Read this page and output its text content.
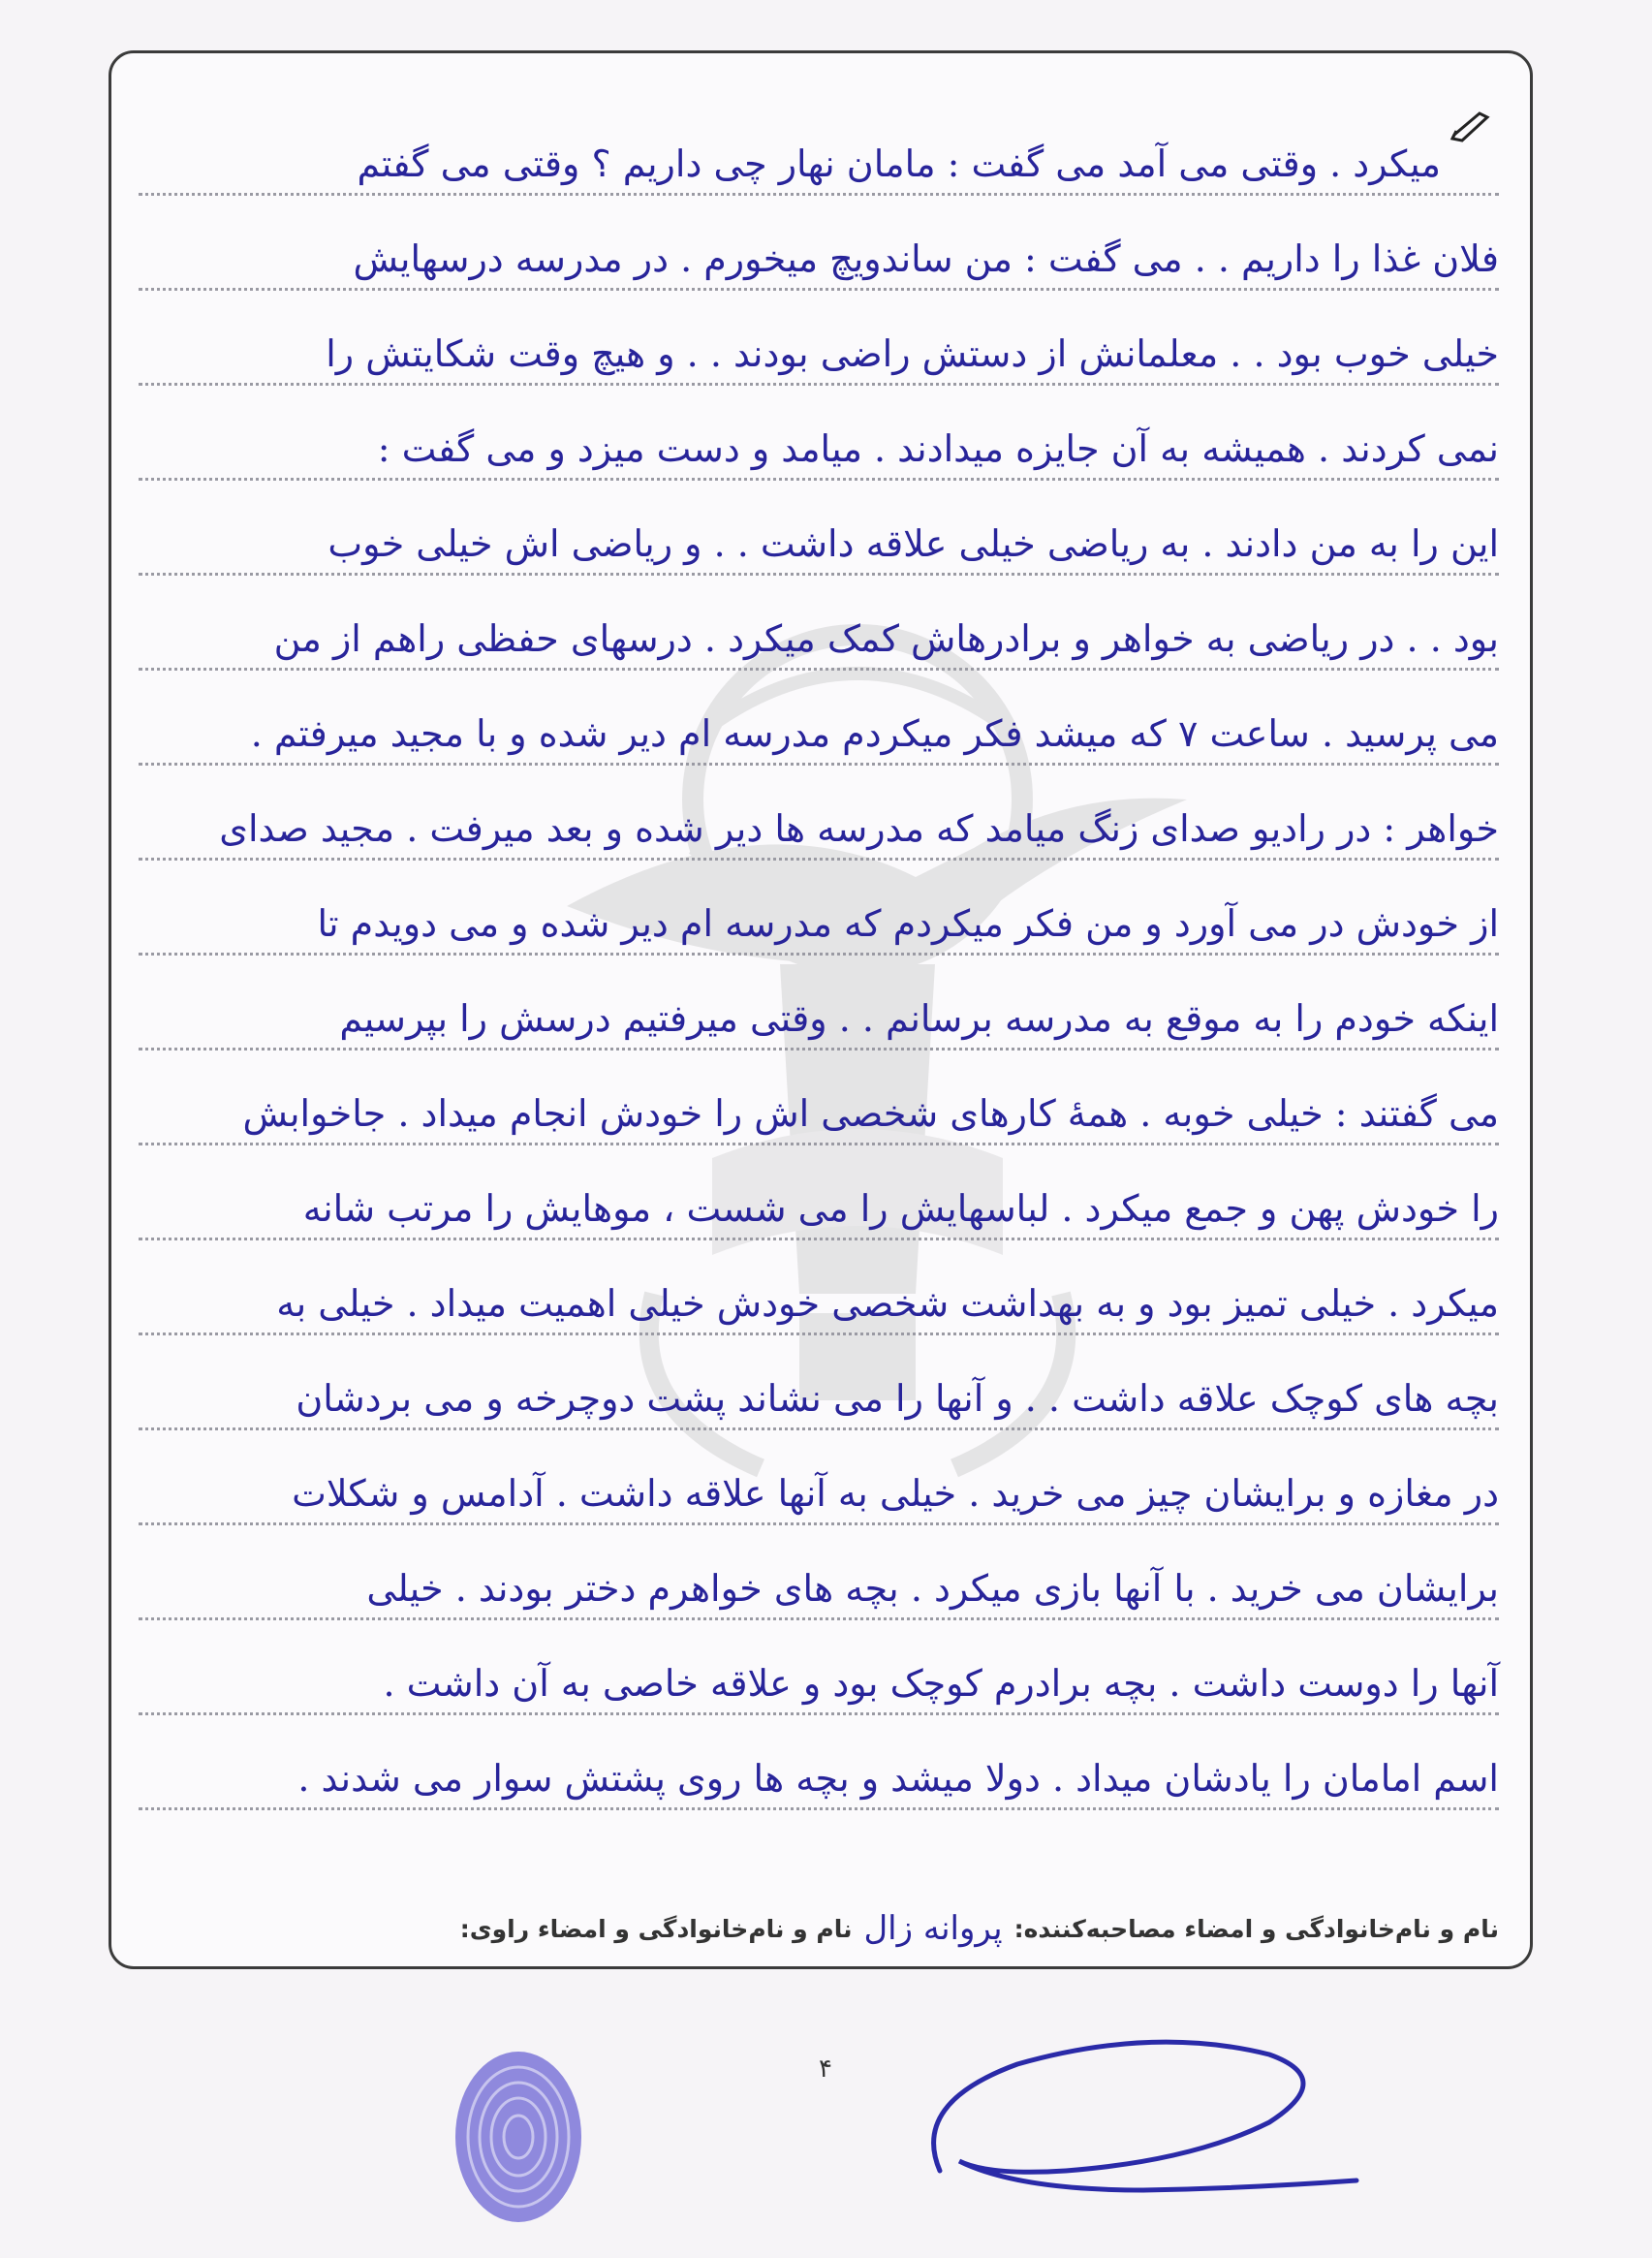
میکرد . وقتی می آمد می گفت : مامان نهار چی داریم ؟ وقتی می گفتم
فلان غذا را داریم . . می گفت : من ساندویچ میخورم . در مدرسه درسهایش
خیلی خوب بود . . معلمانش از دستش راضی بودند . . و هیچ وقت شکایتش را
نمی کردند . همیشه به آن جایزه میدادند . میامد و دست میزد و می گفت :
این را به من دادند . به ریاضی خیلی علاقه داشت . . و ریاضی اش خیلی خوب
بود . . در ریاضی به خواهر و برادرهاش کمک میکرد . درسهای حفظی راهم از من
می پرسید . ساعت ۷ که میشد فکر میکردم مدرسه ام دیر شده و با مجید میرفتم .
خواهر : در رادیو صدای زنگ میامد که مدرسه ها دیر شده و بعد میرفت . مجید صدای
از خودش در می آورد و من فکر میکردم که مدرسه ام دیر شده و می دویدم تا
اینکه خودم را به موقع به مدرسه برسانم . . وقتی میرفتیم درسش را بپرسیم
می گفتند : خیلی خوبه . همهٔ کارهای شخصی اش را خودش انجام میداد . جاخوابش
را خودش پهن و جمع میکرد . لباسهایش را می شست ، موهایش را مرتب شانه
میکرد . خیلی تمیز بود و به بهداشت شخصی خودش خیلی اهمیت میداد . خیلی به
بچه های کوچک علاقه داشت . . و آنها را می نشاند پشت دوچرخه و می بردشان
در مغازه و برایشان چیز می خرید . خیلی به آنها علاقه داشت . آدامس و شکلات
برایشان می خرید . با آنها بازی میکرد . بچه های خواهرم دختر بودند . خیلی
آنها را دوست داشت . بچه برادرم کوچک بود و علاقه خاصی به آن داشت .
اسم امامان را یادشان میداد . دولا میشد و بچه ها روی پشتش سوار می شدند .
نام و نام‌خانوادگی و امضاء مصاحبه‌کننده:
پروانه زال
نام و نام‌خانوادگی و امضاء راوی:
۴
